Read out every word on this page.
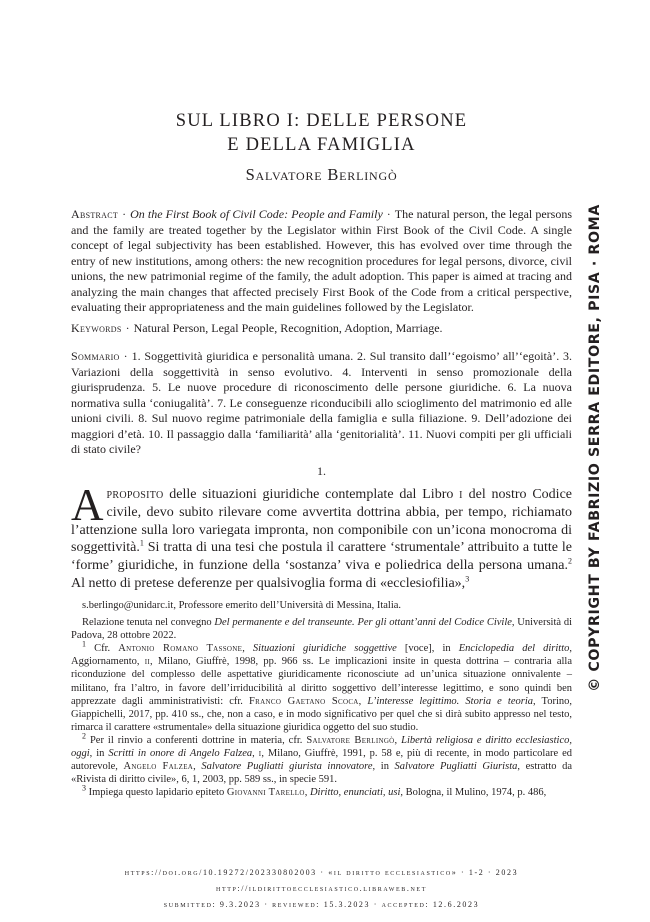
SUL LIBRO I: DELLE PERSONE
E DELLA FAMIGLIA
Salvatore Berlingò
Abstract · On the First Book of Civil Code: People and Family · The natural person, the legal persons and the family are treated together by the Legislator within First Book of the Civil Code. A single concept of legal subjectivity has been established. However, this has evolved over time through the entry of new institutions, among others: the new recognition procedures for legal persons, divorce, civil unions, the new patrimonial regime of the family, the adult adoption. This paper is aimed at tracing and analyzing the main changes that affected precisely First Book of the Code from a critical perspective, evaluating their appropriateness and the main guidelines followed by the Legislator.
Keywords · Natural Person, Legal People, Recognition, Adoption, Marriage.
Sommario · 1. Soggettività giuridica e personalità umana. 2. Sul transito dall’‘egoismo’ all’‘egoità’. 3. Variazioni della soggettività in senso evolutivo. 4. Interventi in senso promozionale della giurisprudenza. 5. Le nuove procedure di riconoscimento delle persone giuridiche. 6. La nuova normativa sulla ‘coniugalità’. 7. Le conseguenze riconducibili allo scioglimento del matrimonio ed alle unioni civili. 8. Sul nuovo regime patrimoniale della famiglia e sulla filiazione. 9. Dell’adozione dei maggiori d’età. 10. Il passaggio dalla ‘familiarità’ alla ‘genitorialità’. 11. Nuovi compiti per gli ufficiali di stato civile?
1.
Aproposito delle situazioni giuridiche contemplate dal Libro i del nostro Codice civile, devo subito rilevare come avvertita dottrina abbia, per tempo, richiamato l’attenzione sulla loro variegata impronta, non componibile con un’icona monocroma di soggettività.$^1$ Si tratta di una tesi che postula il carattere ‘strumentale’ attribuito a tutte le ‘forme’ giuridiche, in funzione della ‘sostanza’ viva e poliedrica della persona umana.$^2$ Al netto di pretese deferenze per qualsivoglia forma di «ecclesiofilia»,$^3$

s.berlingo@unidarc.it, Professore emerito dell’Università di Messina, Italia.

Relazione tenuta nel convegno Del permanente e del transeunte. Per gli ottant’anni del Codice Civile, Università di Padova, 28 ottobre 2022.

$^1$ Cfr. Antonio Romano Tassone, Situazioni giuridiche soggettive [voce], in Enciclopedia del diritto, Aggiornamento, ii, Milano, Giuffrè, 1998, pp. 966 ss. Le implicazioni insite in questa dottrina – contraria alla riconduzione del complesso delle aspettative giuridicamente riconosciute ad un’unica situazione onnivalente – militano, fra l’altro, in favore dell’irriducibilità al diritto soggettivo dell’interesse legittimo, e sono quindi ben apprezzate dagli amministrativisti: cfr. Franco Gaetano Scoca, L’interesse legittimo. Storia e teoria, Torino, Giappichelli, 2017, pp. 410 ss., che, non a caso, e in modo significativo per quel che si dirà subito appresso nel testo, rimarca il carattere «strumentale» della situazione giuridica oggetto del suo studio.

$^2$ Per il rinvio a conferenti dottrine in materia, cfr. Salvatore Berlingò, Libertà religiosa e diritto ecclesiastico, oggi, in Scritti in onore di Angelo Falzea, i, Milano, Giuffrè, 1991, p. 58 e, più di recente, in modo particolare ed autorevole, Angelo Falzea, Salvatore Pugliatti giurista innovatore, in Salvatore Pugliatti Giurista, estratto da «Rivista di diritto civile», 6, 1, 2003, pp. 589 ss., in specie 591.

$^3$ Impiega questo lapidario epiteto Giovanni Tarello, Diritto, enunciati, usi, Bologna, il Mulino, 1974, p. 486,

https://doi.org/10.19272/202330802003 · «il diritto ecclesiastico» · 1-2 · 2023
http://ildirittoecclesiastico.libraweb.net
submitted: 9.3.2023 · reviewed: 15.3.2023 · accepted: 12.6.2023
© COPYRIGHT BY FABRIZIO SERRA EDITORE, PISA · ROMA
